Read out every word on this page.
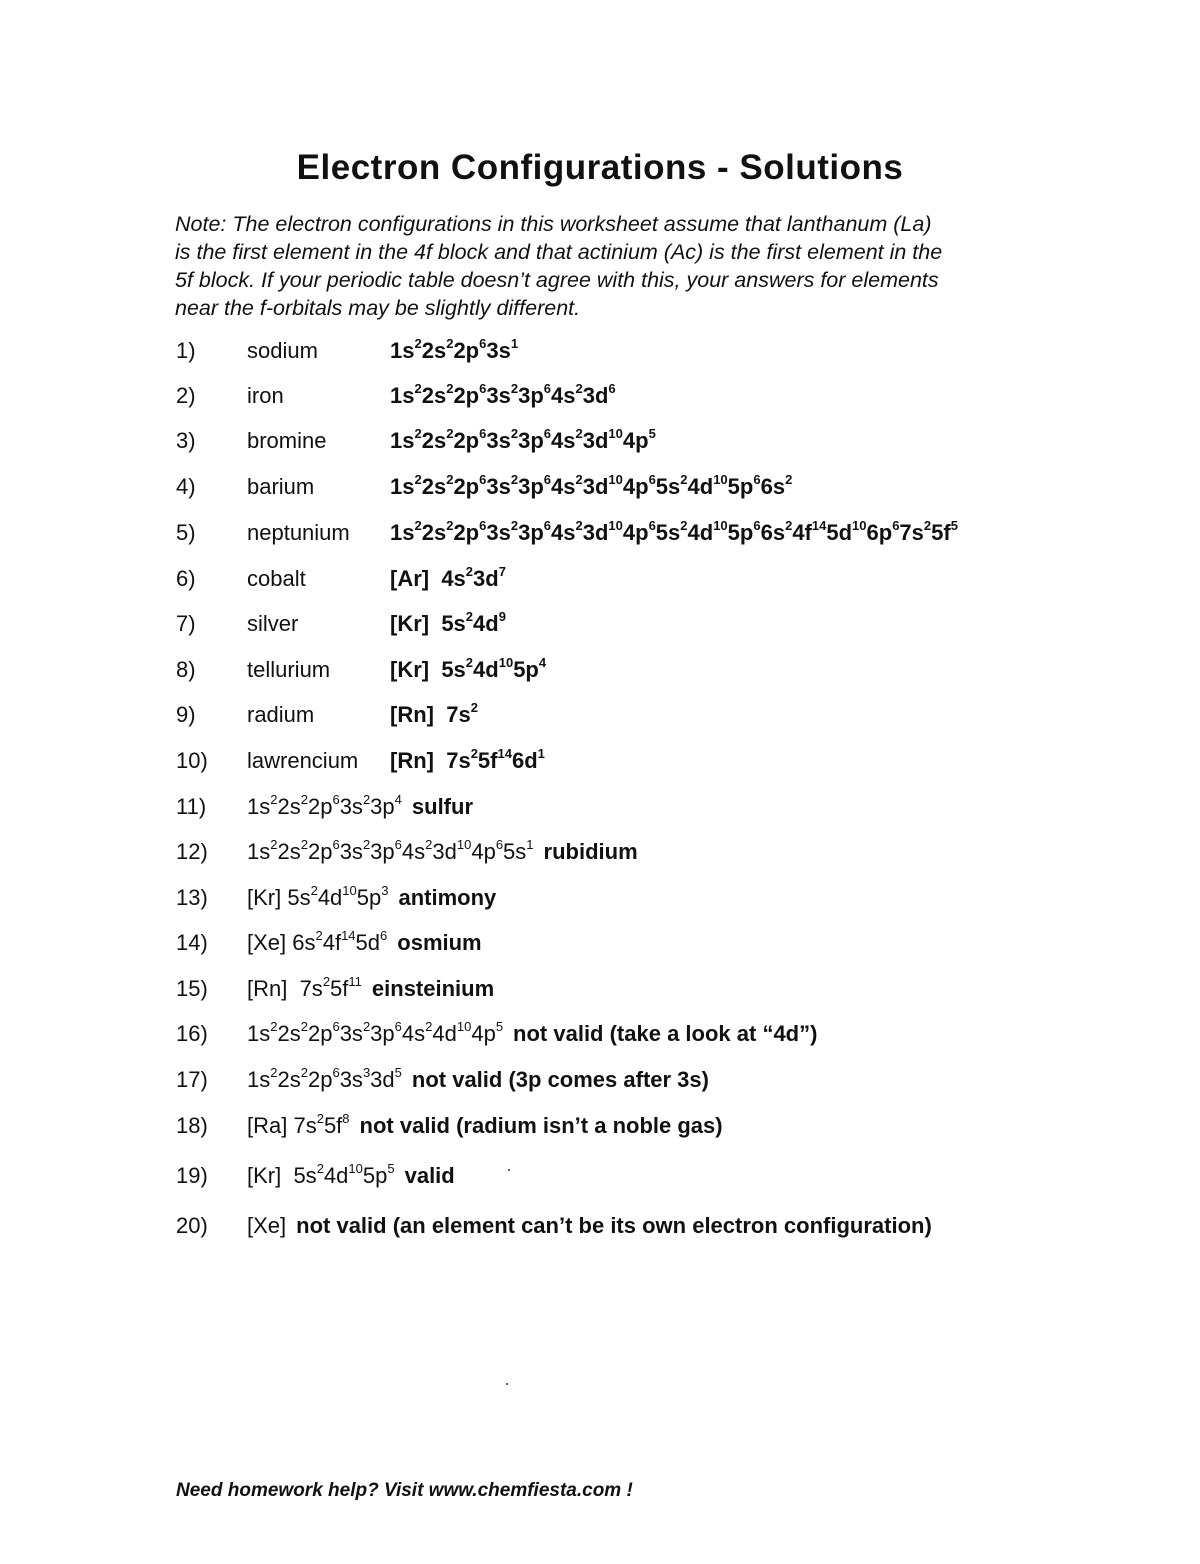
Electron Configurations - Solutions
Note: The electron configurations in this worksheet assume that lanthanum (La)
is the first element in the 4f block and that actinium (Ac) is the first element in the
5f block. If your periodic table doesn’t agree with this, your answers for elements
near the f-orbitals may be slightly different.
1) sodium	$1s^22s^22p^63s^1$
2) iron	$1s^22s^22p^63s^23p^64s^23d^6$
3) bromine	$1s^22s^22p^63s^23p^64s^23d^{10}4p^5$
4) barium	$1s^22s^22p^63s^23p^64s^23d^{10}4p^65s^24d^{10}5p^66s^2$
5) neptunium $1s^22s^22p^63s^23p^64s^23d^{10}4p^65s^24d^{10}5p^66s^24f^{14}5d^{10}6p^67s^25f^5$
6) cobalt	[Ar]  $4s^23d^7$
7) silver	[Kr]  $5s^24d^9$
8) tellurium	[Kr]  $5s^24d^{10}5p^4$
9) radium	[Rn]  $7s^2$
10) lawrencium [Rn]  $7s^25f^{14}6d^1$
11) $1s^22s^22p^63s^23p^4$ sulfur
12) $1s^22s^22p^63s^23p^64s^23d^{10}4p^65s^1$ rubidium
13) [Kr] $5s^24d^{10}5p^3$ antimony
14) [Xe] $6s^24f^{14}5d^6$ osmium
15) [Rn]  $7s^25f^{11}$ einsteinium
16) $1s^22s^22p^63s^23p^64s^24d^{10}4p^5$ not valid (take a look at “4d”)
17) $1s^22s^22p^63s^33d^5$ not valid (3p comes after 3s)
18) [Ra] $7s^25f^8$ not valid (radium isn’t a noble gas)
19) [Kr]  $5s^24d^{10}5p^5$ valid
20) [Xe] not valid (an element can’t be its own electron configuration)
Need homework help? Visit www.chemfiesta.com !
